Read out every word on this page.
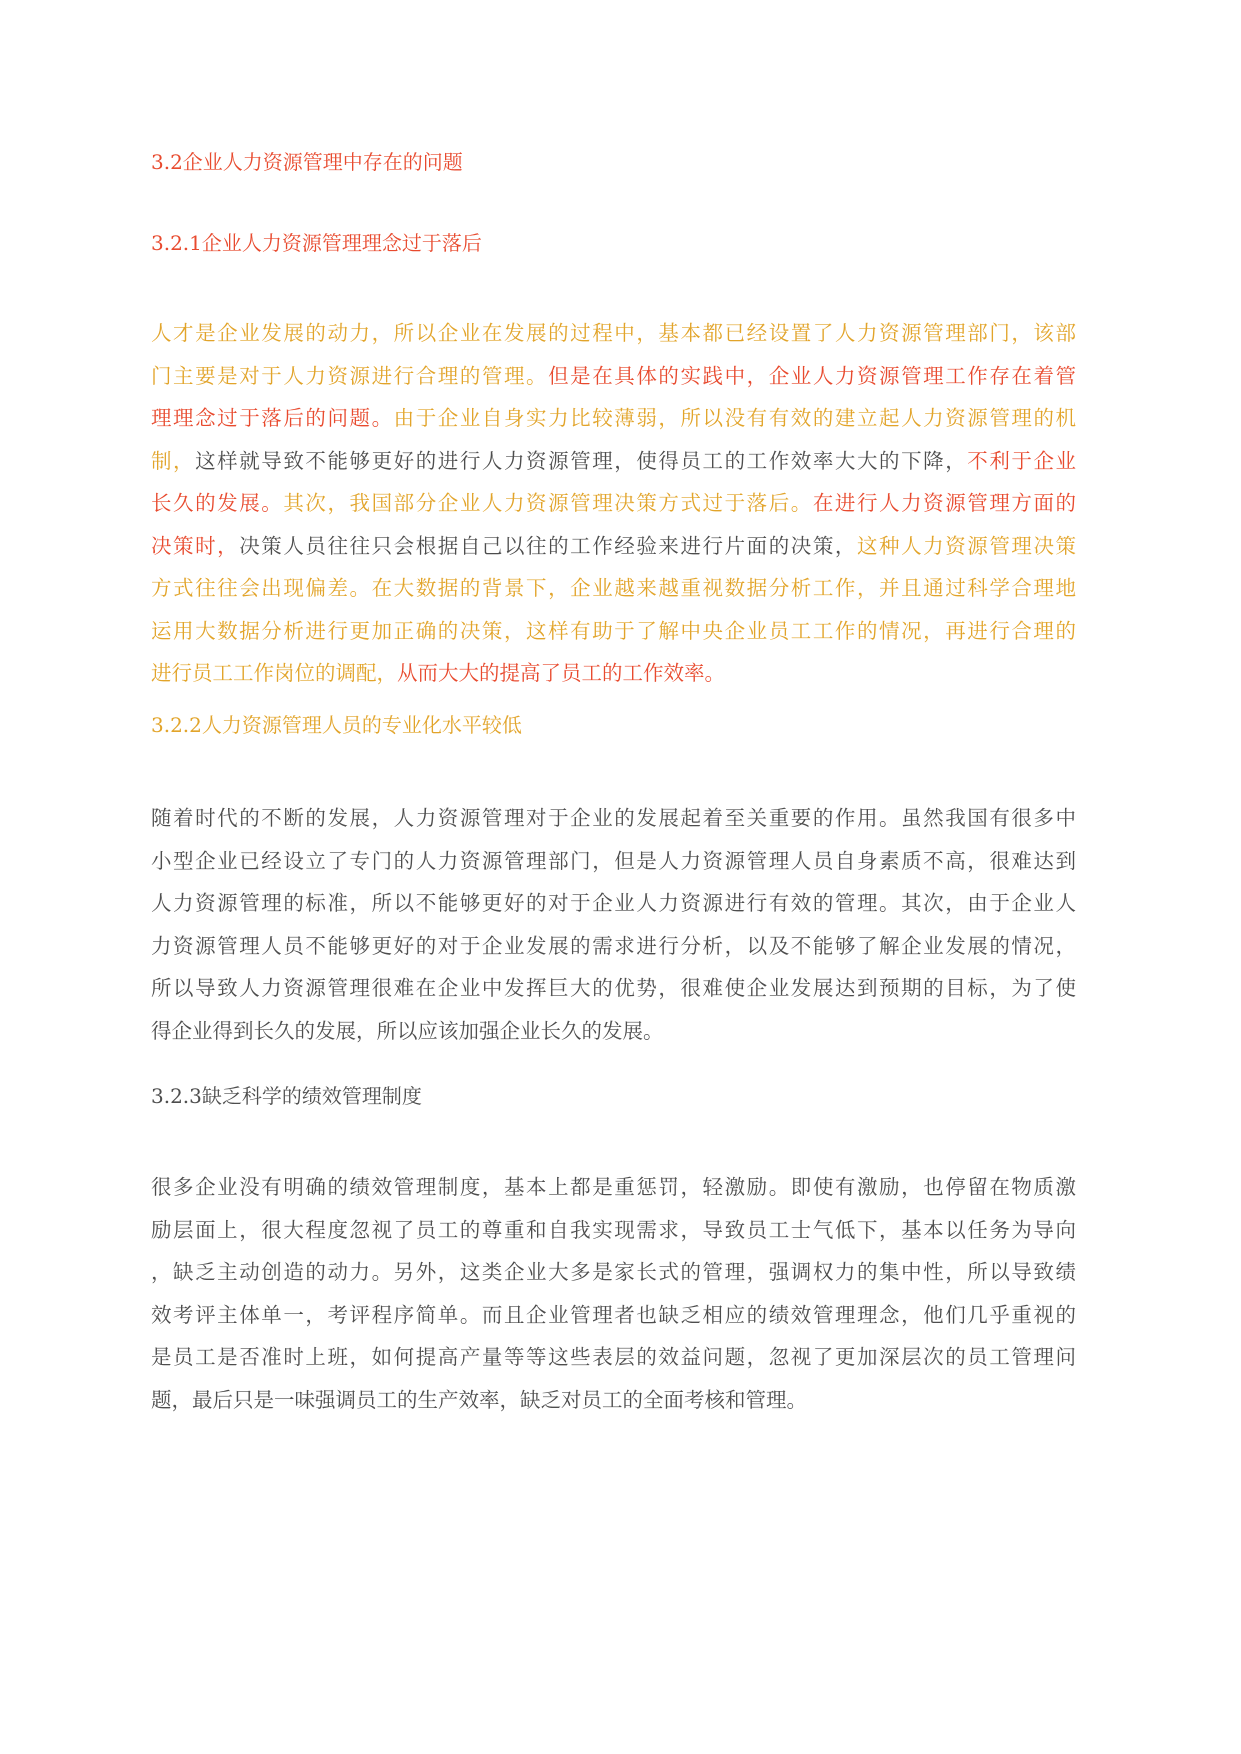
3.2企业人力资源管理中存在的问题
3.2.1企业人力资源管理理念过于落后
人才是企业发展的动力，所以企业在发展的过程中，基本都已经设置了人力资源管理部门，该部
门主要是对于人力资源进行合理的管理。但是在具体的实践中，企业人力资源管理工作存在着管
理理念过于落后的问题。由于企业自身实力比较薄弱，所以没有有效的建立起人力资源管理的机
制，这样就导致不能够更好的进行人力资源管理，使得员工的工作效率大大的下降，不利于企业
长久的发展。其次，我国部分企业人力资源管理决策方式过于落后。在进行人力资源管理方面的
决策时，决策人员往往只会根据自己以往的工作经验来进行片面的决策，这种人力资源管理决策
方式往往会出现偏差。在大数据的背景下，企业越来越重视数据分析工作，并且通过科学合理地
运用大数据分析进行更加正确的决策，这样有助于了解中央企业员工工作的情况，再进行合理的
进行员工工作岗位的调配，从而大大的提高了员工的工作效率。
3.2.2人力资源管理人员的专业化水平较低
随着时代的不断的发展，人力资源管理对于企业的发展起着至关重要的作用。虽然我国有很多中
小型企业已经设立了专门的人力资源管理部门，但是人力资源管理人员自身素质不高，很难达到
人力资源管理的标准，所以不能够更好的对于企业人力资源进行有效的管理。其次，由于企业人
力资源管理人员不能够更好的对于企业发展的需求进行分析，以及不能够了解企业发展的情况，
所以导致人力资源管理很难在企业中发挥巨大的优势，很难使企业发展达到预期的目标，为了使
得企业得到长久的发展，所以应该加强企业长久的发展。
3.2.3缺乏科学的绩效管理制度
很多企业没有明确的绩效管理制度，基本上都是重惩罚，轻激励。即使有激励，也停留在物质激
励层面上，很大程度忽视了员工的尊重和自我实现需求，导致员工士气低下，基本以任务为导向
，缺乏主动创造的动力。另外，这类企业大多是家长式的管理，强调权力的集中性，所以导致绩
效考评主体单一，考评程序简单。而且企业管理者也缺乏相应的绩效管理理念，他们几乎重视的
是员工是否准时上班，如何提高产量等等这些表层的效益问题，忽视了更加深层次的员工管理问
题，最后只是一味强调员工的生产效率，缺乏对员工的全面考核和管理。
